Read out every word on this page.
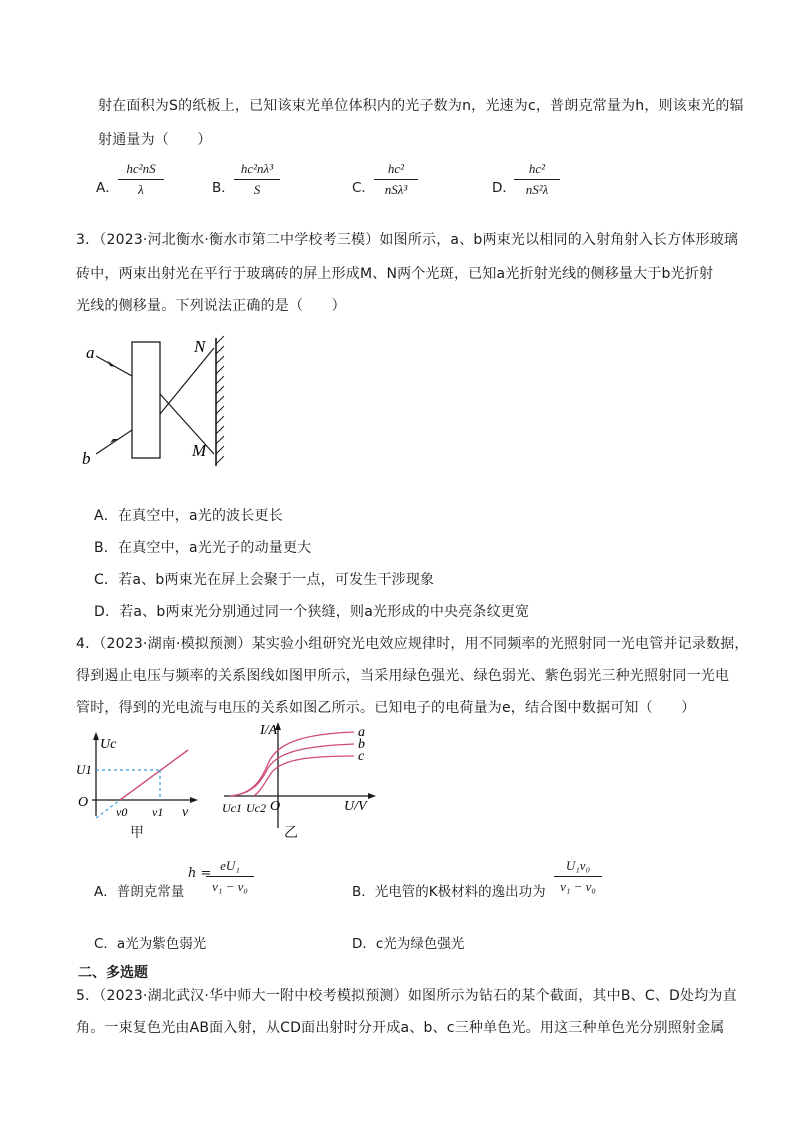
射在面积为S的纸板上，已知该束光单位体积内的光子数为n，光速为c，普朗克常量为h，则该束光的辐
射通量为（　　）
A．
hc²nS
λ	B．
hc²nλ³
S	C．
hc²
nSλ³	D．
hc²
nS²λ
3．（2023·河北衡水·衡水市第二中学校考三模）如图所示，a、b两束光以相同的入射角射入长方体形玻璃
砖中，两束出射光在平行于玻璃砖的屏上形成M、N两个光斑，已知a光折射光线的侧移量大于b光折射
光线的侧移量。下列说法正确的是（　　）
a
b
N
M
A．在真空中，a光的波长更长
B．在真空中，a光光子的动量更大
C．若a、b两束光在屏上会聚于一点，可发生干涉现象
D．若a、b两束光分别通过同一个狭缝，则a光形成的中央亮条纹更宽
4．（2023·湖南·模拟预测）某实验小组研究光电效应规律时，用不同频率的光照射同一光电管并记录数据，
得到遏止电压与频率的关系图线如图甲所示，当采用绿色强光、绿色弱光、紫色弱光三种光照射同一光电
管时，得到的光电流与电压的关系如图乙所示。已知电子的电荷量为e，结合图中数据可知（　　）
Uc
U1
O
ν0 ν1 ν
甲
I/A	a
b
c
Uc1 Uc2 O	U/V
乙
A．普朗克常量
h =
eU₁
ν₁ − ν₀	B．光电管的K极材料的逸出功为
U₁ν₀
ν₁ − ν₀
C．a光为紫色弱光	D．c光为绿色强光
二、多选题
5．（2023·湖北武汉·华中师大一附中校考模拟预测）如图所示为钻石的某个截面，其中B、C、D处均为直
角。一束复色光由AB面入射，从CD面出射时分开成a、b、c三种单色光。用这三种单色光分别照射金属
